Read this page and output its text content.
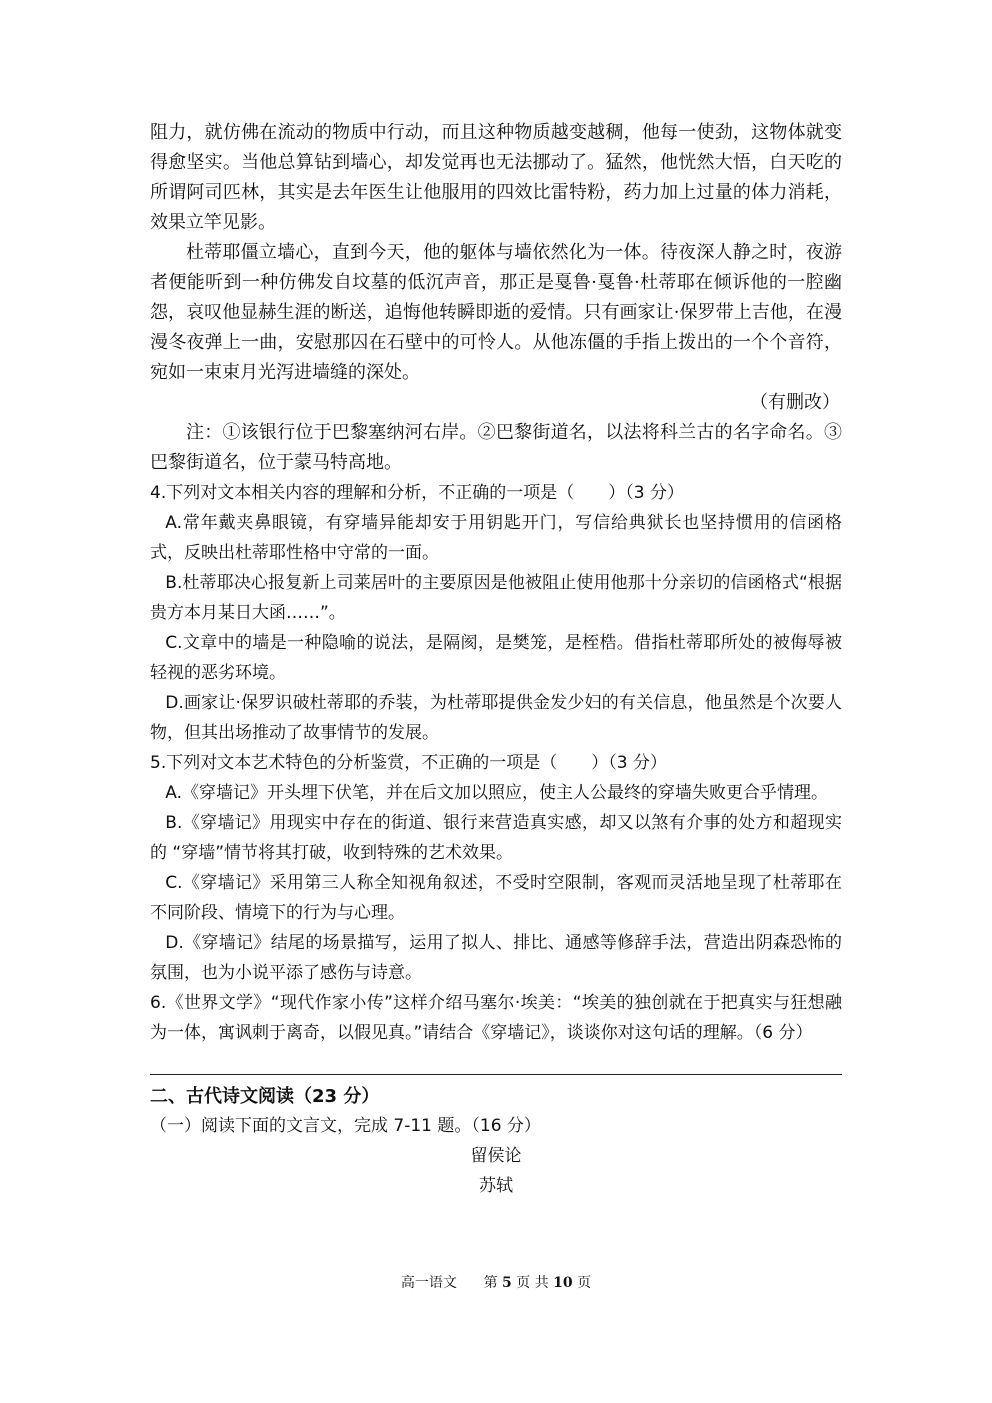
阻力，就仿佛在流动的物质中行动，而且这种物质越变越稠，他每一使劲，这物体就变得愈坚实。当他总算钻到墙心，却发觉再也无法挪动了。猛然，他恍然大悟，白天吃的所谓阿司匹林，其实是去年医生让他服用的四效比雷特粉，药力加上过量的体力消耗，效果立竿见影。

杜蒂耶僵立墙心，直到今天，他的躯体与墙依然化为一体。待夜深人静之时，夜游者便能听到一种仿佛发自坟墓的低沉声音，那正是戛鲁·戛鲁·杜蒂耶在倾诉他的一腔幽怨，哀叹他显赫生涯的断送，追悔他转瞬即逝的爱情。只有画家让·保罗带上吉他，在漫漫冬夜弹上一曲，安慰那囚在石壁中的可怜人。从他冻僵的手指上拨出的一个个音符，宛如一束束月光泻进墙缝的深处。

（有删改）

注：①该银行位于巴黎塞纳河右岸。②巴黎街道名，以法将科兰古的名字命名。③巴黎街道名，位于蒙马特高地。

4.下列对文本相关内容的理解和分析，不正确的一项是（　　）（3 分）

A.常年戴夹鼻眼镜，有穿墙异能却安于用钥匙开门，写信给典狱长也坚持惯用的信函格式，反映出杜蒂耶性格中守常的一面。

B.杜蒂耶决心报复新上司莱居叶的主要原因是他被阻止使用他那十分亲切的信函格式“根据贵方本月某日大函……”。

C.文章中的墙是一种隐喻的说法，是隔阂，是樊笼，是桎梏。借指杜蒂耶所处的被侮辱被轻视的恶劣环境。

D.画家让·保罗识破杜蒂耶的乔装，为杜蒂耶提供金发少妇的有关信息，他虽然是个次要人物，但其出场推动了故事情节的发展。

5.下列对文本艺术特色的分析鉴赏，不正确的一项是（　　）（3 分）

A.《穿墙记》开头埋下伏笔，并在后文加以照应，使主人公最终的穿墙失败更合乎情理。

B.《穿墙记》用现实中存在的街道、银行来营造真实感，却又以煞有介事的处方和超现实的 “穿墙”情节将其打破，收到特殊的艺术效果。

C.《穿墙记》采用第三人称全知视角叙述，不受时空限制，客观而灵活地呈现了杜蒂耶在不同阶段、情境下的行为与心理。

D.《穿墙记》结尾的场景描写，运用了拟人、排比、通感等修辞手法，营造出阴森恐怖的氛围，也为小说平添了感伤与诗意。

6.《世界文学》“现代作家小传”这样介绍马塞尔·埃美：“埃美的独创就在于把真实与狂想融为一体，寓讽刺于离奇，以假见真。”请结合《穿墙记》，谈谈你对这句话的理解。（6 分）

二、古代诗文阅读（23 分）

（一）阅读下面的文言文，完成 7-11 题。（16 分）

留侯论

苏轼

高一语文 第 5 页 共 10 页
